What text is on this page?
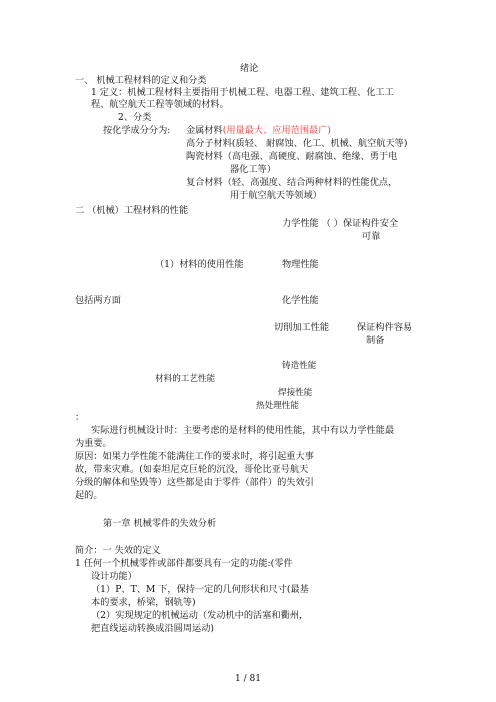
绪论
一、 机械工程材料的定义和分类
1 定义：机械工程材料主要指用于机械工程、电器工程、建筑工程、化工工
程、航空航天工程等领域的材料。
2、分类
按化学成分分为: 金属材料(用量最大、应用范围最广)
高分子材料(质轻、 耐腐蚀、化工、机械、航空航天等)
陶瓷材料（高电强、高硬度、耐腐蚀、绝缘、勇于电
器化工等）
复合材料（轻、高强度、结合两种材料的性能优点，
用于航空航天等领域）
二 （机械）工程材料的性能
力学性能 （ ）保证构件安全
可靠
（1）材料的使用性能	物理性能
包括两方面	化学性能
切削加工性能	保证构件容易
制备
铸造性能
材料的工艺性能
焊接性能
热处理性能
：
实际进行机械设计时：主要考虑的是材料的使用性能，其中有以力学性能最
为重要。
原因：如果力学性能不能满住工作的要求时，将引起重大事
故，带来灾难。(如泰坦尼克巨轮的沉没，哥伦比亚号航天
分级的解体和坠毁等）这些都是由于零件（部件）的失效引
起的。
第一章 机械零件的失效分析
简介：一 失效的定义
1 任何一个机械零件或部件都要具有一定的功能:(零件
设计功能）
（1）P、T、M 下，保持一定的几何形状和尺寸(最基
本的要求，桥梁，钢轨等)
（2）实现规定的机械运动（发动机中的活塞和衢州，
把直线运动转换成沿圆周运动)
1 / 81
